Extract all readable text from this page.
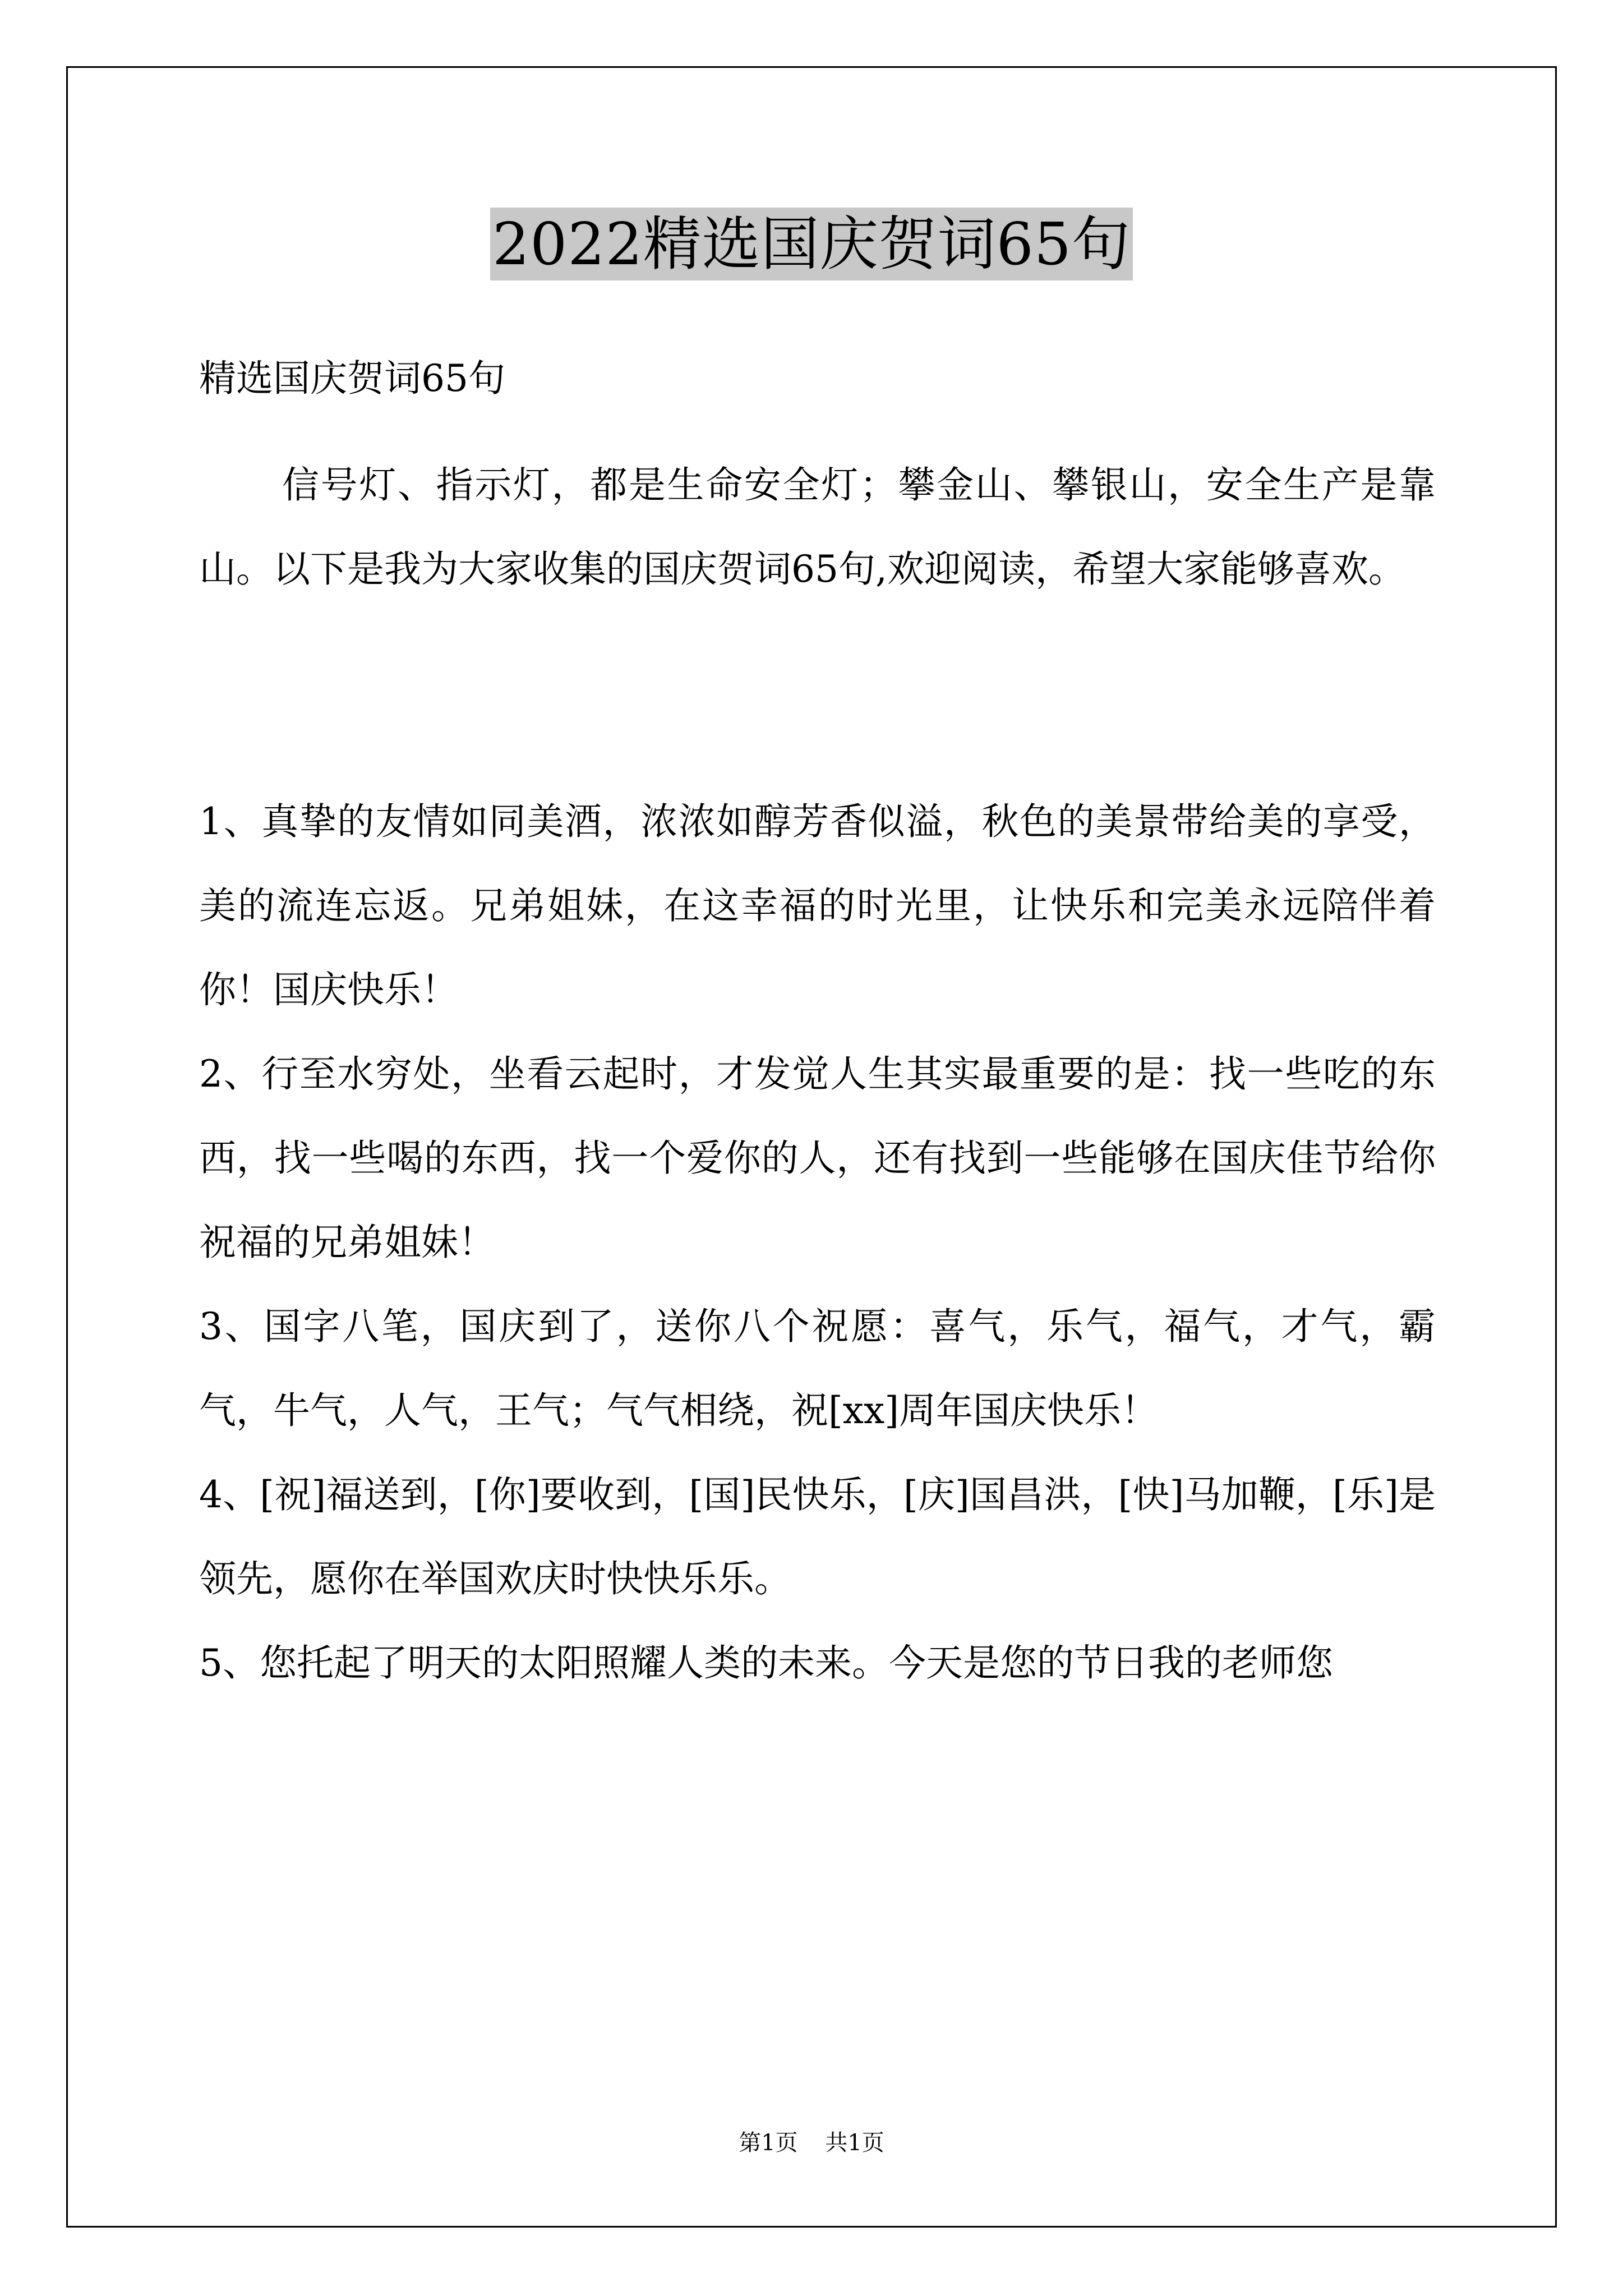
2022精选国庆贺词65句

精选国庆贺词65句

信号灯、指示灯，都是生命安全灯；攀金山、攀银山，安全生产是靠山。以下是我为大家收集的国庆贺词65句,欢迎阅读，希望大家能够喜欢。

1、真挚的友情如同美酒，浓浓如醇芳香似溢，秋色的美景带给美的享受，美的流连忘返。兄弟姐妹，在这幸福的时光里，让快乐和完美永远陪伴着你！国庆快乐！

2、行至水穷处，坐看云起时，才发觉人生其实最重要的是：找一些吃的东西，找一些喝的东西，找一个爱你的人，还有找到一些能够在国庆佳节给你祝福的兄弟姐妹！

3、国字八笔，国庆到了，送你八个祝愿：喜气，乐气，福气，才气，霸气，牛气，人气，王气；气气相绕，祝[xx]周年国庆快乐！

4、[祝]福送到，[你]要收到，[国]民快乐，[庆]国昌洪，[快]马加鞭，[乐]是领先，愿你在举国欢庆时快快乐乐。

5、您托起了明天的太阳照耀人类的未来。今天是您的节日我的老师您

第1页 共1页
